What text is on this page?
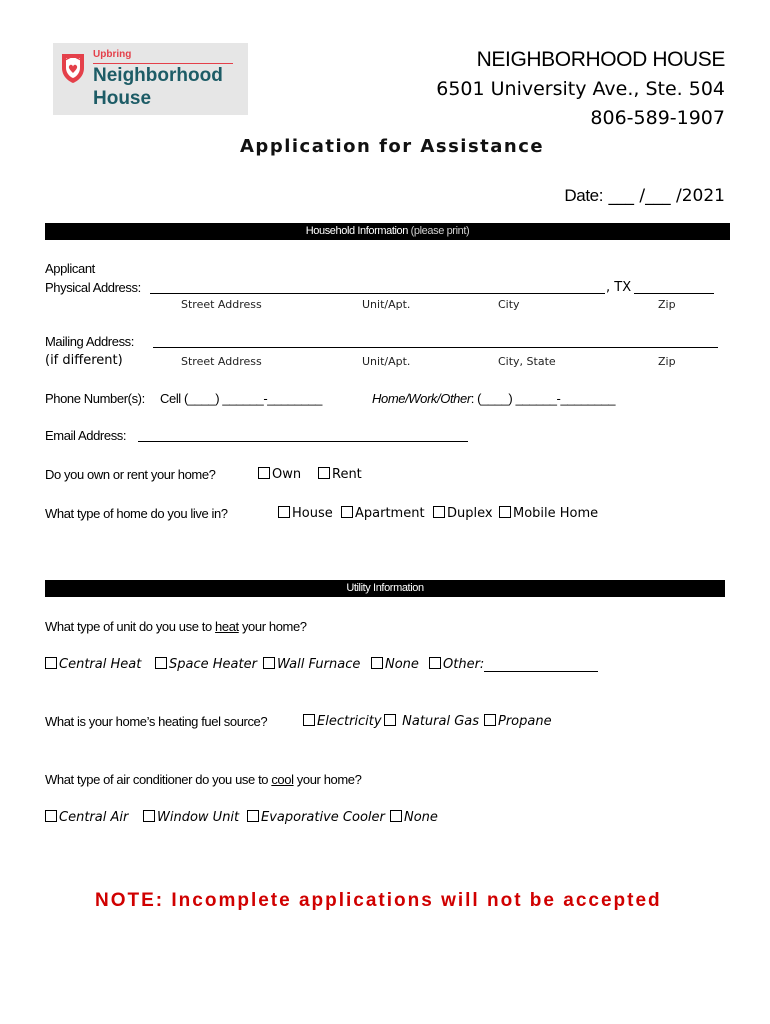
Upbring
Neighborhood
House
NEIGHBORHOOD HOUSE
6501 University Ave., Ste. 504
806-589-1907
Application for Assistance
Date: ___ /___ /2021
Household Information (please print)
Applicant
Physical Address:	, TX
Street Address	Unit/Apt.	City	Zip
Mailing Address:
(if different)	Street Address	Unit/Apt.	City, State	Zip
Phone Number(s): Cell (____) ______-________	Home/Work/Other: (____) ______-________
Email Address:
Do you own or rent your home?	Own	Rent
What type of home do you live in?	House	Apartment	Duplex	Mobile Home
Utility Information
What type of unit do you use to heat your home?
Central Heat	Space Heater	Wall Furnace	None	Other:
What is your home’s heating fuel source?	Electricity	Natural Gas	Propane
What type of air conditioner do you use to cool your home?
Central Air	Window Unit	Evaporative Cooler	None
NOTE: Incomplete applications will not be accepted
